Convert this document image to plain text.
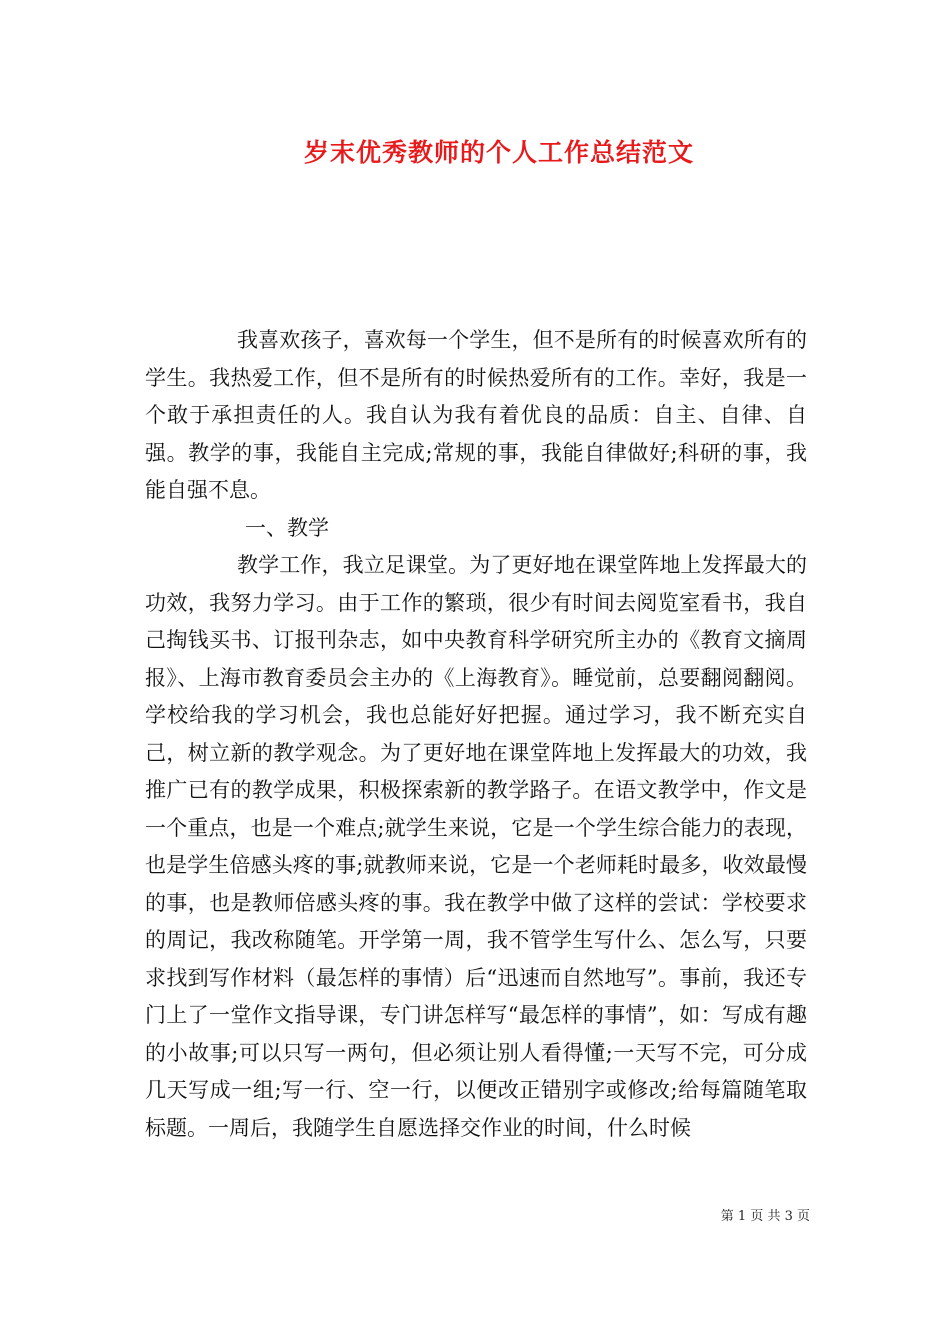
岁末优秀教师的个人工作总结范文

我喜欢孩子，喜欢每一个学生，但不是所有的时候喜欢所有的学生。我热爱工作，但不是所有的时候热爱所有的工作。幸好，我是一个敢于承担责任的人。我自认为我有着优良的品质：自主、自律、自强。教学的事，我能自主完成;常规的事，我能自律做好;科研的事，我能自强不息。

一、教学

教学工作，我立足课堂。为了更好地在课堂阵地上发挥最大的功效，我努力学习。由于工作的繁琐，很少有时间去阅览室看书，我自己掏钱买书、订报刊杂志，如中央教育科学研究所主办的《教育文摘周报》、上海市教育委员会主办的《上海教育》。睡觉前，总要翻阅翻阅。学校给我的学习机会，我也总能好好把握。通过学习，我不断充实自己，树立新的教学观念。为了更好地在课堂阵地上发挥最大的功效，我推广已有的教学成果，积极探索新的教学路子。在语文教学中，作文是一个重点，也是一个难点;就学生来说，它是一个学生综合能力的表现，也是学生倍感头疼的事;就教师来说，它是一个老师耗时最多，收效最慢的事，也是教师倍感头疼的事。我在教学中做了这样的尝试：学校要求的周记，我改称随笔。开学第一周，我不管学生写什么、怎么写，只要求找到写作材料（最怎样的事情）后“迅速而自然地写”。事前，我还专门上了一堂作文指导课，专门讲怎样写“最怎样的事情”，如：写成有趣的小故事;可以只写一两句，但必须让别人看得懂;一天写不完，可分成几天写成一组;写一行、空一行，以便改正错别字或修改;给每篇随笔取标题。一周后，我随学生自愿选择交作业的时间，什么时候

第 1 页 共 3 页
